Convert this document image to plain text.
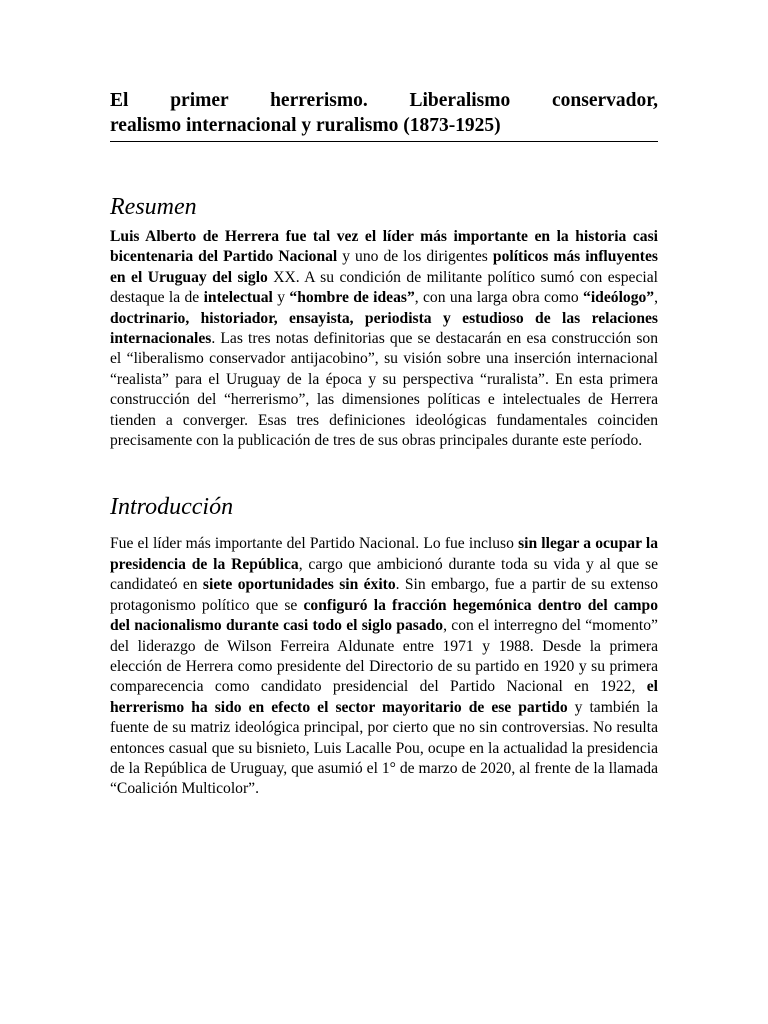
El primer herrerismo. Liberalismo conservador,
realismo internacional y ruralismo (1873-1925)
Resumen

Luis Alberto de Herrera fue tal vez el líder más importante en la historia casi bicentenaria del Partido Nacional y uno de los dirigentes políticos más influyentes en el Uruguay del siglo XX. A su condición de militante político sumó con especial destaque la de intelectual y “hombre de ideas”, con una larga obra como “ideólogo”, doctrinario, historiador, ensayista, periodista y estudioso de las relaciones internacionales. Las tres notas definitorias que se destacarán en esa construcción son el “liberalismo conservador antijacobino”, su visión sobre una inserción internacional “realista” para el Uruguay de la época y su perspectiva “ruralista”. En esta primera construcción del “herrerismo”, las dimensiones políticas e intelectuales de Herrera tienden a converger. Esas tres definiciones ideológicas fundamentales coinciden precisamente con la publicación de tres de sus obras principales durante este período.

Introducción

Fue el líder más importante del Partido Nacional. Lo fue incluso sin llegar a ocupar la presidencia de la República, cargo que ambicionó durante toda su vida y al que se candidateó en siete oportunidades sin éxito. Sin embargo, fue a partir de su extenso protagonismo político que se configuró la fracción hegemónica dentro del campo del nacionalismo durante casi todo el siglo pasado, con el interregno del “momento” del liderazgo de Wilson Ferreira Aldunate entre 1971 y 1988. Desde la primera elección de Herrera como presidente del Directorio de su partido en 1920 y su primera comparecencia como candidato presidencial del Partido Nacional en 1922, el herrerismo ha sido en efecto el sector mayoritario de ese partido y también la fuente de su matriz ideológica principal, por cierto que no sin controversias. No resulta entonces casual que su bisnieto, Luis Lacalle Pou, ocupe en la actualidad la presidencia de la República de Uruguay, que asumió el 1° de marzo de 2020, al frente de la llamada “Coalición Multicolor”.
